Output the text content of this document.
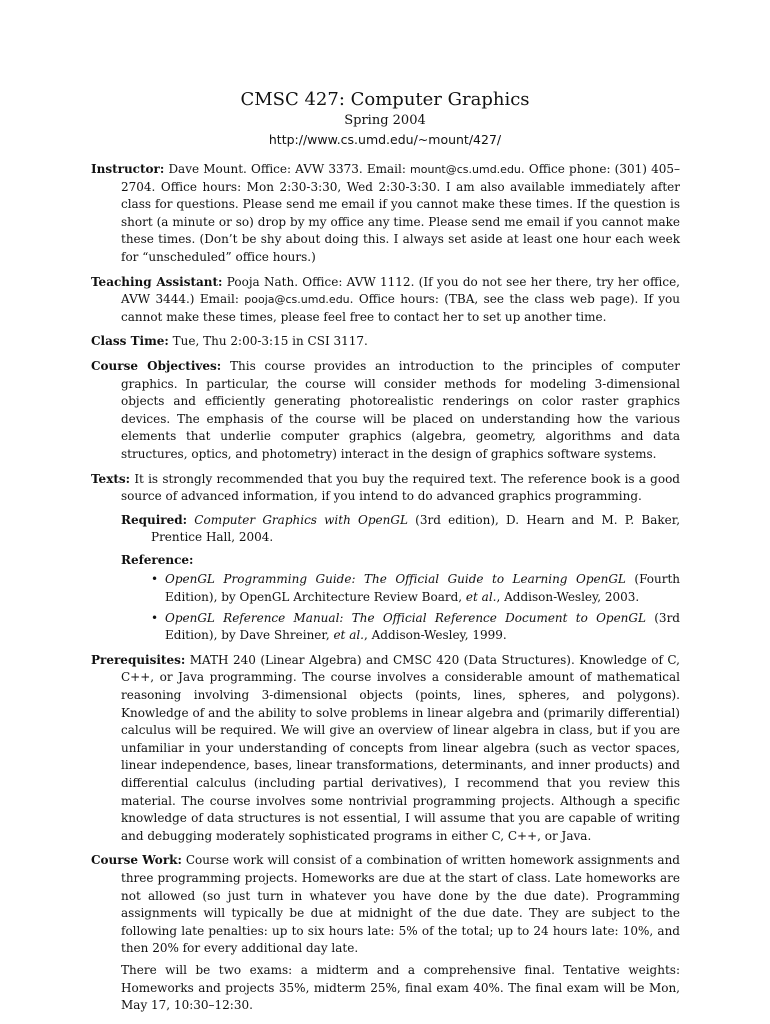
CMSC 427: Computer Graphics
Spring 2004
http://www.cs.umd.edu/~mount/427/

Instructor: Dave Mount. Office: AVW 3373. Email: mount@cs.umd.edu. Office phone: (301) 405–2704. Office hours: Mon 2:30-3:30, Wed 2:30-3:30. I am also available immediately after class for questions. Please send me email if you cannot make these times. If the question is short (a minute or so) drop by my office any time. Please send me email if you cannot make these times. (Don’t be shy about doing this. I always set aside at least one hour each week for “unscheduled” office hours.)

Teaching Assistant: Pooja Nath. Office: AVW 1112. (If you do not see her there, try her office, AVW 3444.) Email: pooja@cs.umd.edu. Office hours: (TBA, see the class web page). If you cannot make these times, please feel free to contact her to set up another time.

Class Time: Tue, Thu 2:00-3:15 in CSI 3117.

Course Objectives: This course provides an introduction to the principles of computer graphics. In particular, the course will consider methods for modeling 3-dimensional objects and efficiently generating photorealistic renderings on color raster graphics devices. The emphasis of the course will be placed on understanding how the various elements that underlie computer graphics (algebra, geometry, algorithms and data structures, optics, and photometry) interact in the design of graphics software systems.

Texts: It is strongly recommended that you buy the required text. The reference book is a good source of advanced information, if you intend to do advanced graphics programming.

Required: Computer Graphics with OpenGL (3rd edition), D. Hearn and M. P. Baker, Prentice Hall, 2004.

Reference:
• OpenGL Programming Guide: The Official Guide to Learning OpenGL (Fourth Edition), by OpenGL Architecture Review Board, et al., Addison-Wesley, 2003.
• OpenGL Reference Manual: The Official Reference Document to OpenGL (3rd Edition), by Dave Shreiner, et al., Addison-Wesley, 1999.

Prerequisites: MATH 240 (Linear Algebra) and CMSC 420 (Data Structures). Knowledge of C, C++, or Java programming. The course involves a considerable amount of mathematical reasoning involving 3-dimensional objects (points, lines, spheres, and polygons). Knowledge of and the ability to solve problems in linear algebra and (primarily differential) calculus will be required. We will give an overview of linear algebra in class, but if you are unfamiliar in your understanding of concepts from linear algebra (such as vector spaces, linear independence, bases, linear transformations, determinants, and inner products) and differential calculus (including partial derivatives), I recommend that you review this material. The course involves some nontrivial programming projects. Although a specific knowledge of data structures is not essential, I will assume that you are capable of writing and debugging moderately sophisticated programs in either C, C++, or Java.

Course Work: Course work will consist of a combination of written homework assignments and three programming projects. Homeworks are due at the start of class. Late homeworks are not allowed (so just turn in whatever you have done by the due date). Programming assignments will typically be due at midnight of the due date. They are subject to the following late penalties: up to six hours late: 5% of the total; up to 24 hours late: 10%, and then 20% for every additional day late.

There will be two exams: a midterm and a comprehensive final. Tentative weights: Homeworks and projects 35%, midterm 25%, final exam 40%. The final exam will be Mon, May 17, 10:30–12:30.
